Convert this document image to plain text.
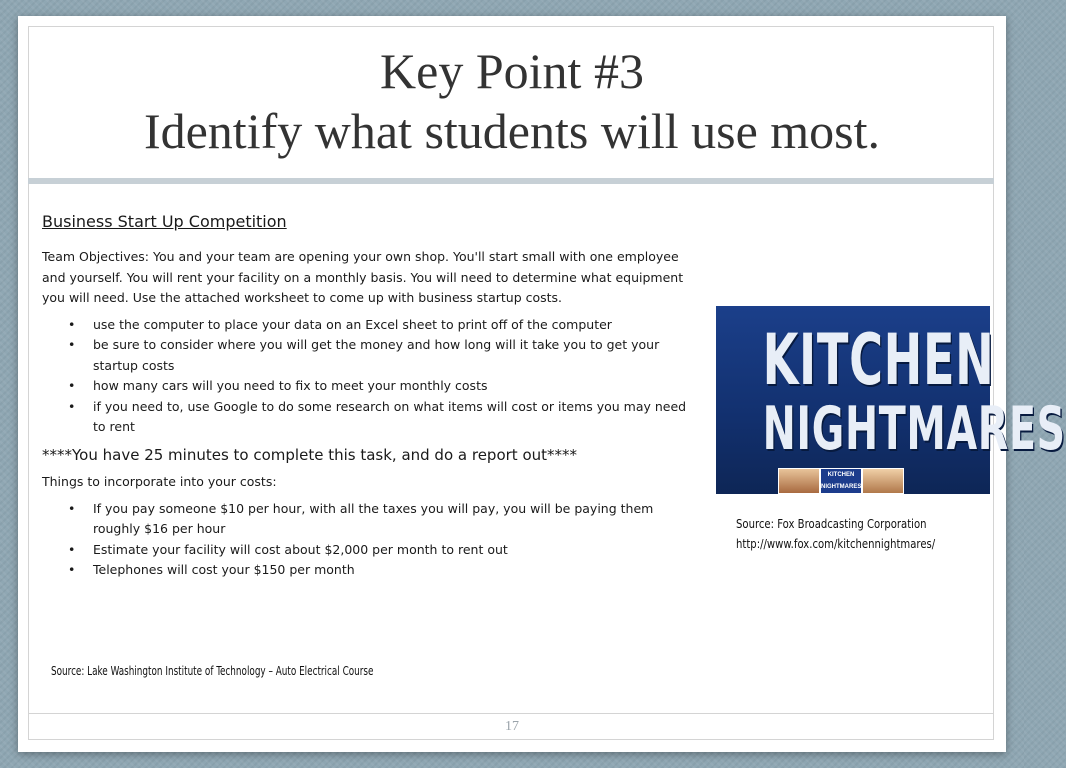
Key Point #3
Identify what students will use most.
Business Start Up Competition

Team Objectives: You and your team are opening your own shop. You'll start small with one employee and yourself. You will rent your facility on a monthly basis. You will need to determine what equipment you will need. Use the attached worksheet to come up with business startup costs.

• use the computer to place your data on an Excel sheet to print off of the computer
• be sure to consider where you will get the money and how long will it take you to get your startup costs
• how many cars will you need to fix to meet your monthly costs
• if you need to, use Google to do some research on what items will cost or items you may need to rent
****You have 25 minutes to complete this task, and do a report out****
Things to incorporate into your costs:
• If you pay someone $10 per hour, with all the taxes you will pay, you will be paying them roughly $16 per hour
• Estimate your facility will cost about $2,000 per month to rent out
• Telephones will cost your $150 per month
Source: Lake Washington Institute of Technology – Auto Electrical Course
KITCHEN
NIGHTMARES
KITCHEN NIGHTMARES
Source: Fox Broadcasting Corporation
http://www.fox.com/kitchennightmares/
17
